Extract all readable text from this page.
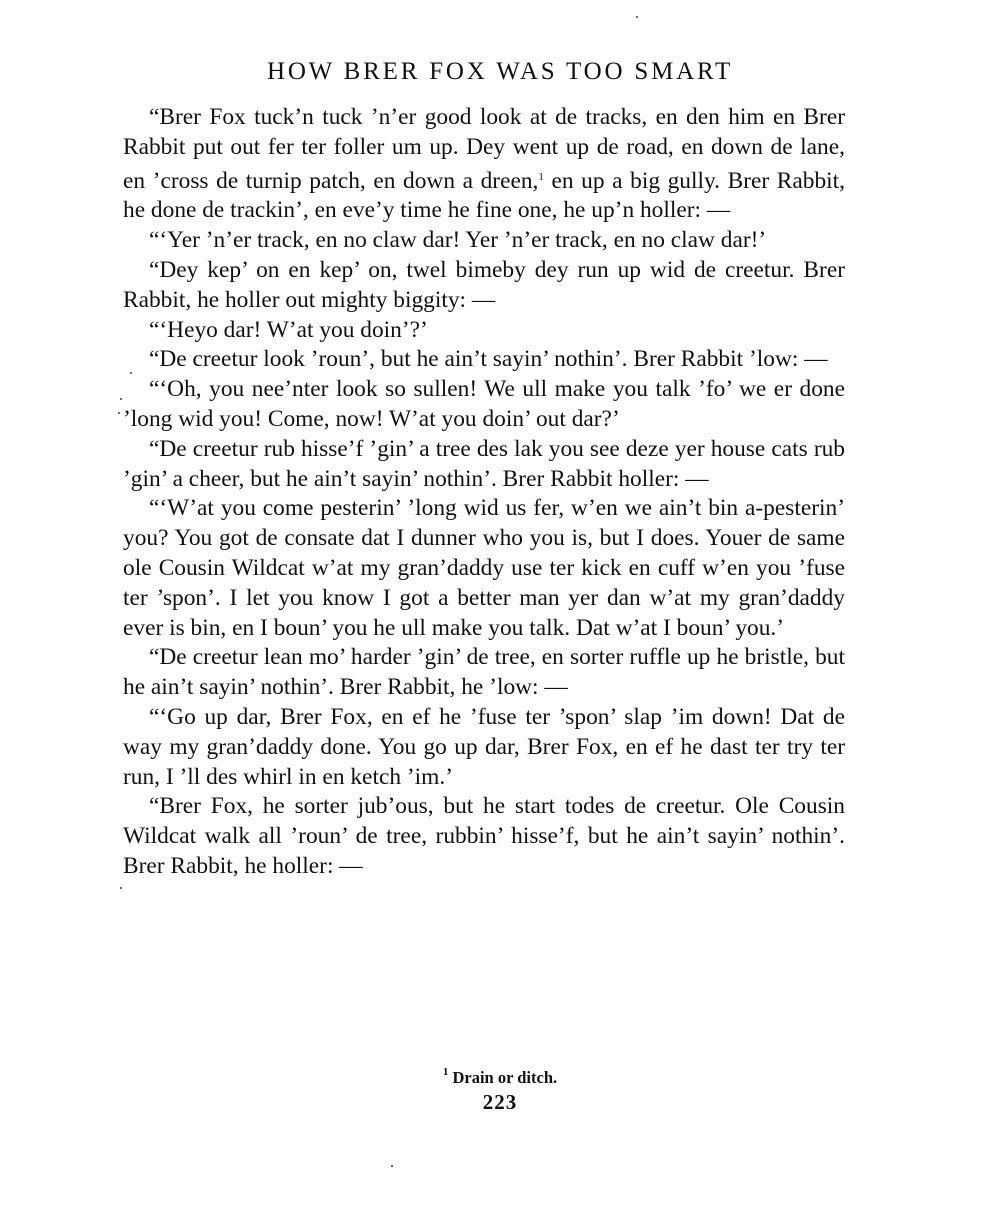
HOW BRER FOX WAS TOO SMART

“Brer Fox tuck’n tuck ’n’er good look at de tracks, en den him en Brer Rabbit put out fer ter foller um up. Dey went up de road, en down de lane, en ’cross de turnip patch, en down a dreen,$^1$ en up a big gully. Brer Rabbit, he done de trackin’, en eve’y time he fine one, he up’n holler: —

“‘Yer ’n’er track, en no claw dar! Yer ’n’er track, en no claw dar!’

“Dey kep’ on en kep’ on, twel bimeby dey run up wid de creetur. Brer Rabbit, he holler out mighty biggity: —

“‘Heyo dar! W’at you doin’?’

“De creetur look ’roun’, but he ain’t sayin’ nothin’. Brer Rabbit ’low: —

“‘Oh, you nee’nter look so sullen! We ull make you talk ’fo’ we er done ’long wid you! Come, now! W’at you doin’ out dar?’

“De creetur rub hisse’f ’gin’ a tree des lak you see deze yer house cats rub ’gin’ a cheer, but he ain’t sayin’ nothin’. Brer Rabbit holler: —

“‘W’at you come pesterin’ ’long wid us fer, w’en we ain’t bin a-pesterin’ you? You got de consate dat I dunner who you is, but I does. Youer de same ole Cousin Wildcat w’at my gran’daddy use ter kick en cuff w’en you ’fuse ter ’spon’. I let you know I got a better man yer dan w’at my gran’daddy ever is bin, en I boun’ you he ull make you talk. Dat w’at I boun’ you.’

“De creetur lean mo’ harder ’gin’ de tree, en sorter ruffle up he bristle, but he ain’t sayin’ nothin’. Brer Rabbit, he ’low: —

“‘Go up dar, Brer Fox, en ef he ’fuse ter ’spon’ slap ’im down! Dat de way my gran’daddy done. You go up dar, Brer Fox, en ef he dast ter try ter run, I ’ll des whirl in en ketch ’im.’

“Brer Fox, he sorter jub’ous, but he start todes de creetur. Ole Cousin Wildcat walk all ’roun’ de tree, rubbin’ hisse’f, but he ain’t sayin’ nothin’. Brer Rabbit, he holler: —

$^1$ Drain or ditch.
223
